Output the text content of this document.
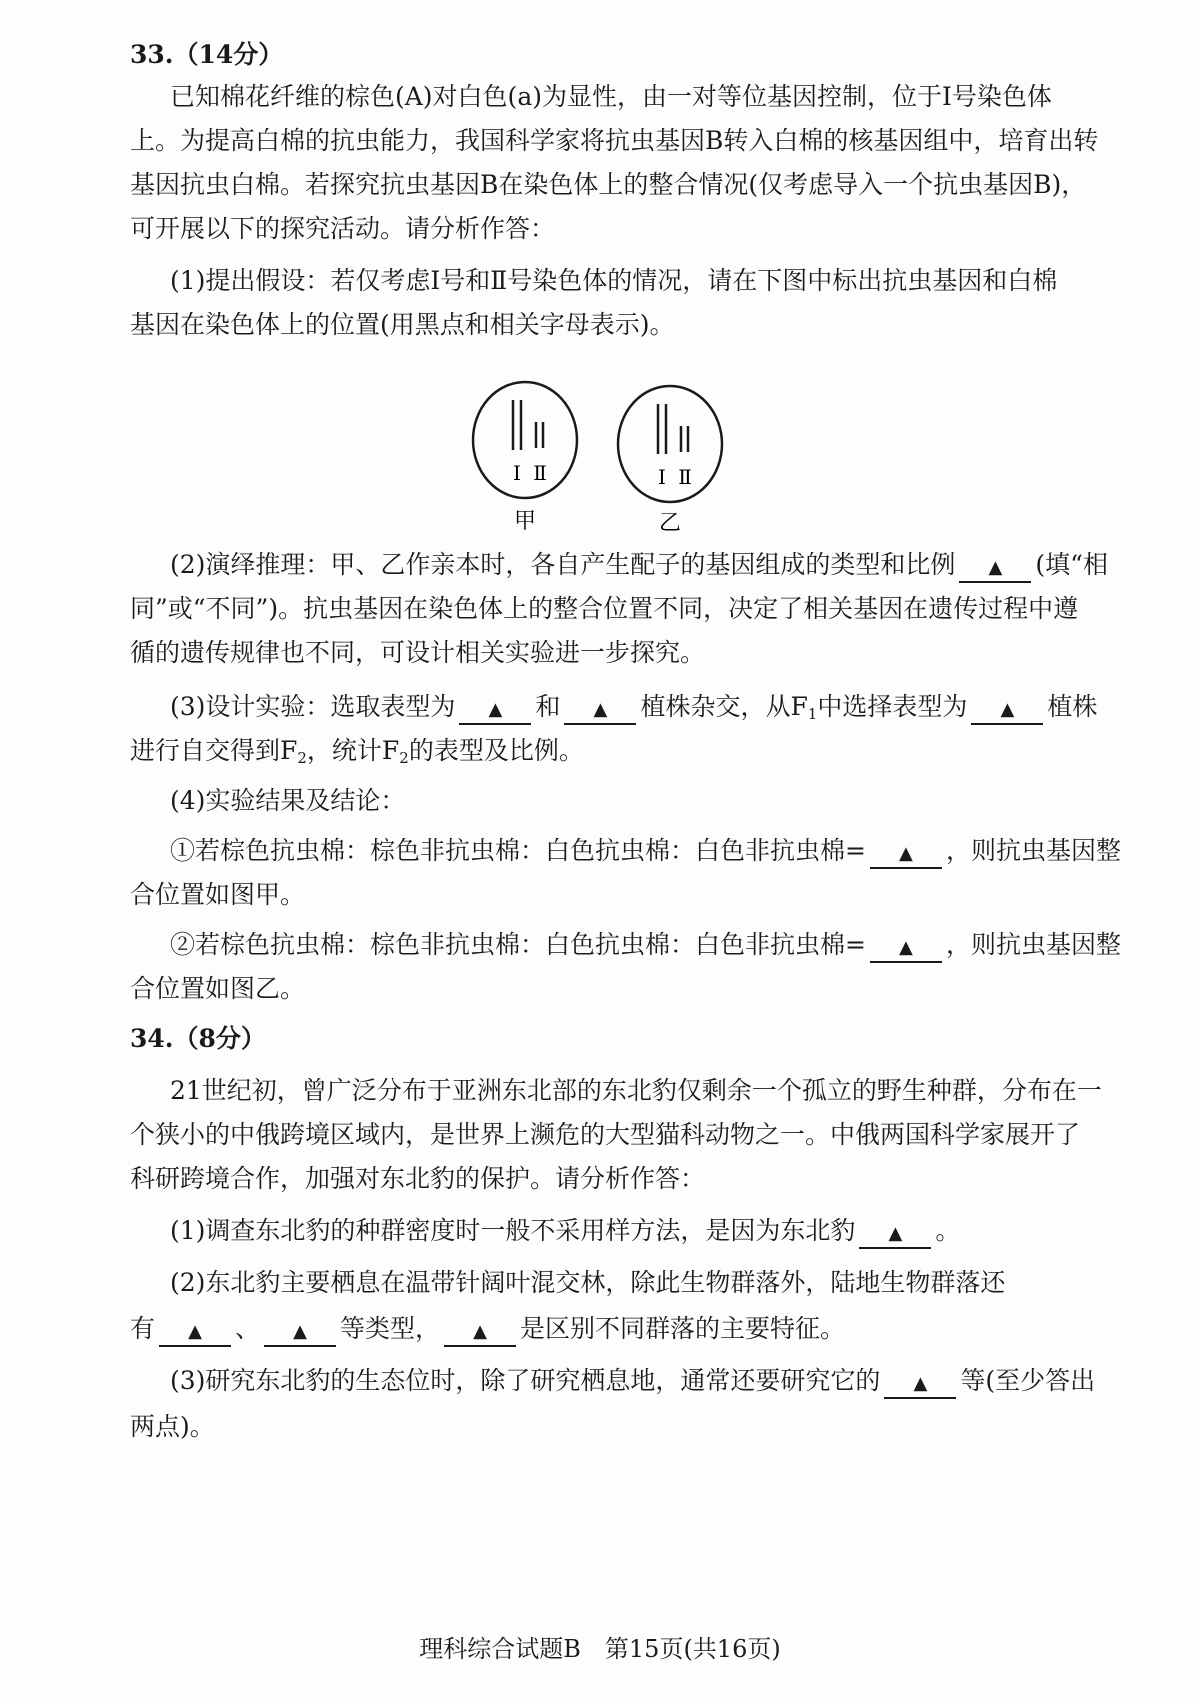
33.（14分）
已知棉花纤维的棕色(A)对白色(a)为显性，由一对等位基因控制，位于Ⅰ号染色体
上。为提高白棉的抗虫能力，我国科学家将抗虫基因B转入白棉的核基因组中，培育出转
基因抗虫白棉。若探究抗虫基因B在染色体上的整合情况(仅考虑导入一个抗虫基因B)，
可开展以下的探究活动。请分析作答：
(1)提出假设：若仅考虑Ⅰ号和Ⅱ号染色体的情况，请在下图中标出抗虫基因和白棉
基因在染色体上的位置(用黑点和相关字母表示)。
Ⅰ Ⅱ
甲
Ⅰ Ⅱ
乙
(2)演绎推理：甲、乙作亲本时，各自产生配子的基因组成的类型和比例 ▲ (填“相
同”或“不同”)。抗虫基因在染色体上的整合位置不同，决定了相关基因在遗传过程中遵
循的遗传规律也不同，可设计相关实验进一步探究。
(3)设计实验：选取表型为 ▲ 和 ▲ 植株杂交，从$F_1$中选择表型为 ▲ 植株
进行自交得到$F_2$，统计$F_2$的表型及比例。
(4)实验结果及结论：
①若棕色抗虫棉：棕色非抗虫棉：白色抗虫棉：白色非抗虫棉= ▲ ，则抗虫基因整
合位置如图甲。
②若棕色抗虫棉：棕色非抗虫棉：白色抗虫棉：白色非抗虫棉= ▲ ，则抗虫基因整
合位置如图乙。
34.（8分）
21世纪初，曾广泛分布于亚洲东北部的东北豹仅剩余一个孤立的野生种群，分布在一
个狭小的中俄跨境区域内，是世界上濒危的大型猫科动物之一。中俄两国科学家展开了
科研跨境合作，加强对东北豹的保护。请分析作答：
(1)调查东北豹的种群密度时一般不采用样方法，是因为东北豹 ▲ 。
(2)东北豹主要栖息在温带针阔叶混交林，除此生物群落外，陆地生物群落还
有 ▲ 、 ▲ 等类型， ▲ 是区别不同群落的主要特征。
(3)研究东北豹的生态位时，除了研究栖息地，通常还要研究它的 ▲ 等(至少答出
两点)。
理科综合试题B　第15页(共16页)
